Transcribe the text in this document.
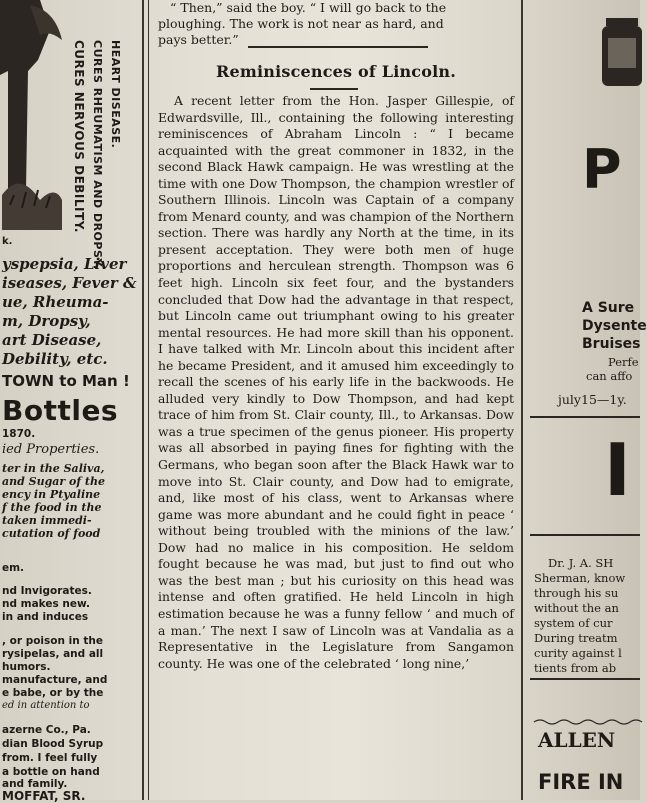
CURES NERVOUS DEBILITY. CURES RHEUMATISM AND DROPSY. HEART DISEASE.
k.
yspepsia, Liver
iseases, Fever &
ue, Rheuma-
m, Dropsy,
art Disease,
Debility, etc.
TOWN to Man !
Bottles
1870.
ied Properties.
ter in the Saliva,
and Sugar of the
ency in Ptyaline
f the food in the
taken immedi-
cutation of food
em.
nd Invigorates.
nd makes new.
in and induces
, or poison in the
rysipelas, and all
humors.
manufacture, and
e babe, or by the
ed in attention to
azerne Co., Pa.
dian Blood Syrup
from. I feel fully
a bottle on hand
and family.
MOFFAT, SR.
“ Then,” said the boy. “ I will go back to the
ploughing. The work is not near as hard, and
pays better.”
Reminiscences of Lincoln.
A recent letter from the Hon. Jasper Gillespie, of Edwardsville, Ill., containing the following interesting reminiscences of Abraham Lincoln : “ I became acquainted with the great commoner in 1832, in the second Black Hawk campaign. He was wrestling at the time with one Dow Thompson, the champion wrestler of Southern Illinois. Lincoln was Captain of a company from Menard county, and was champion of the Northern section. There was hardly any North at the time, in its present acceptation. They were both men of huge proportions and herculean strength. Thompson was 6 feet high. Lincoln six feet four, and the bystanders concluded that Dow had the advantage in that respect, but Lincoln came out triumphant owing to his greater mental resources. He had more skill than his opponent. I have talked with Mr. Lincoln about this incident after he became President, and it amused him exceedingly to recall the scenes of his early life in the backwoods. He alluded very kindly to Dow Thompson, and had kept trace of him from St. Clair county, Ill., to Arkansas. Dow was a true specimen of the genus pioneer. His property was all absorbed in paying fines for fighting with the Germans, who began soon after the Black Hawk war to move into St. Clair county, and Dow had to emigrate, and, like most of his class, went to Arkansas where game was more abundant and he could fight in peace ‘ without being troubled with the minions of the law.’ Dow had no malice in his composition. He seldom fought because he was mad, but just to find out who was the best man ; but his curiosity on this head was intense and often gratified. He held Lincoln in high estimation because he was a funny fellow ‘ and much of a man.’ The next I saw of Lincoln was at Vandalia as a Representative in the Legislature from Sangamon county. He was one of the celebrated ‘ long nine,’
P
A Sure
Dysente
Bruises
Perfe
can affo
july15—1y.
I
Dr. J. A. SH
Sherman, know
through his su
without the an
system of cur
During treatm
curity against l
tients from ab
ALLEN
FIRE IN
